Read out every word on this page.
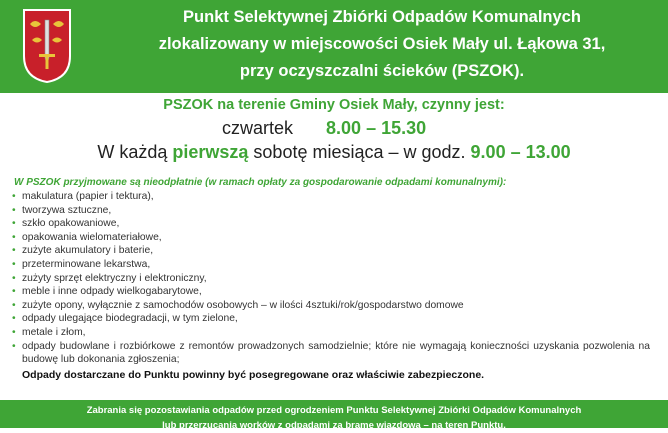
Punkt Selektywnej Zbiórki Odpadów Komunalnych
zlokalizowany w miejscowości Osiek Mały ul. Łąkowa 31,
przy oczyszczalni ścieków (PSZOK).
PSZOK na terenie Gminy Osiek Mały, czynny jest:
czwartek 8.00 – 15.30
W każdą pierwszą sobotę miesiąca – w godz. 9.00 – 13.00
W PSZOK przyjmowane są nieodpłatnie (w ramach opłaty za gospodarowanie odpadami komunalnymi):
• makulatura (papier i tektura),
• tworzywa sztuczne,
• szkło opakowaniowe,
• opakowania wielomateriałowe,
• zużyte akumulatory i baterie,
• przeterminowane lekarstwa,
• zużyty sprzęt elektryczny i elektroniczny,
• meble i inne odpady wielkogabarytowe,
• zużyte opony, wyłącznie z samochodów osobowych – w ilości 4sztuki/rok/gospodarstwo domowe
• odpady ulegające biodegradacji, w tym zielone,
• metale i złom,
• odpady budowlane i rozbiórkowe z remontów prowadzonych samodzielnie; które nie wymagają konieczności uzyskania pozwolenia na budowę lub dokonania zgłoszenia;
Odpady dostarczane do Punktu powinny być posegregowane oraz właściwie zabezpieczone.
Zabrania się pozostawiania odpadów przed ogrodzeniem Punktu Selektywnej Zbiórki Odpadów Komunalnych
lub przerzucania worków z odpadami za bramę wjazdową – na teren Punktu.
